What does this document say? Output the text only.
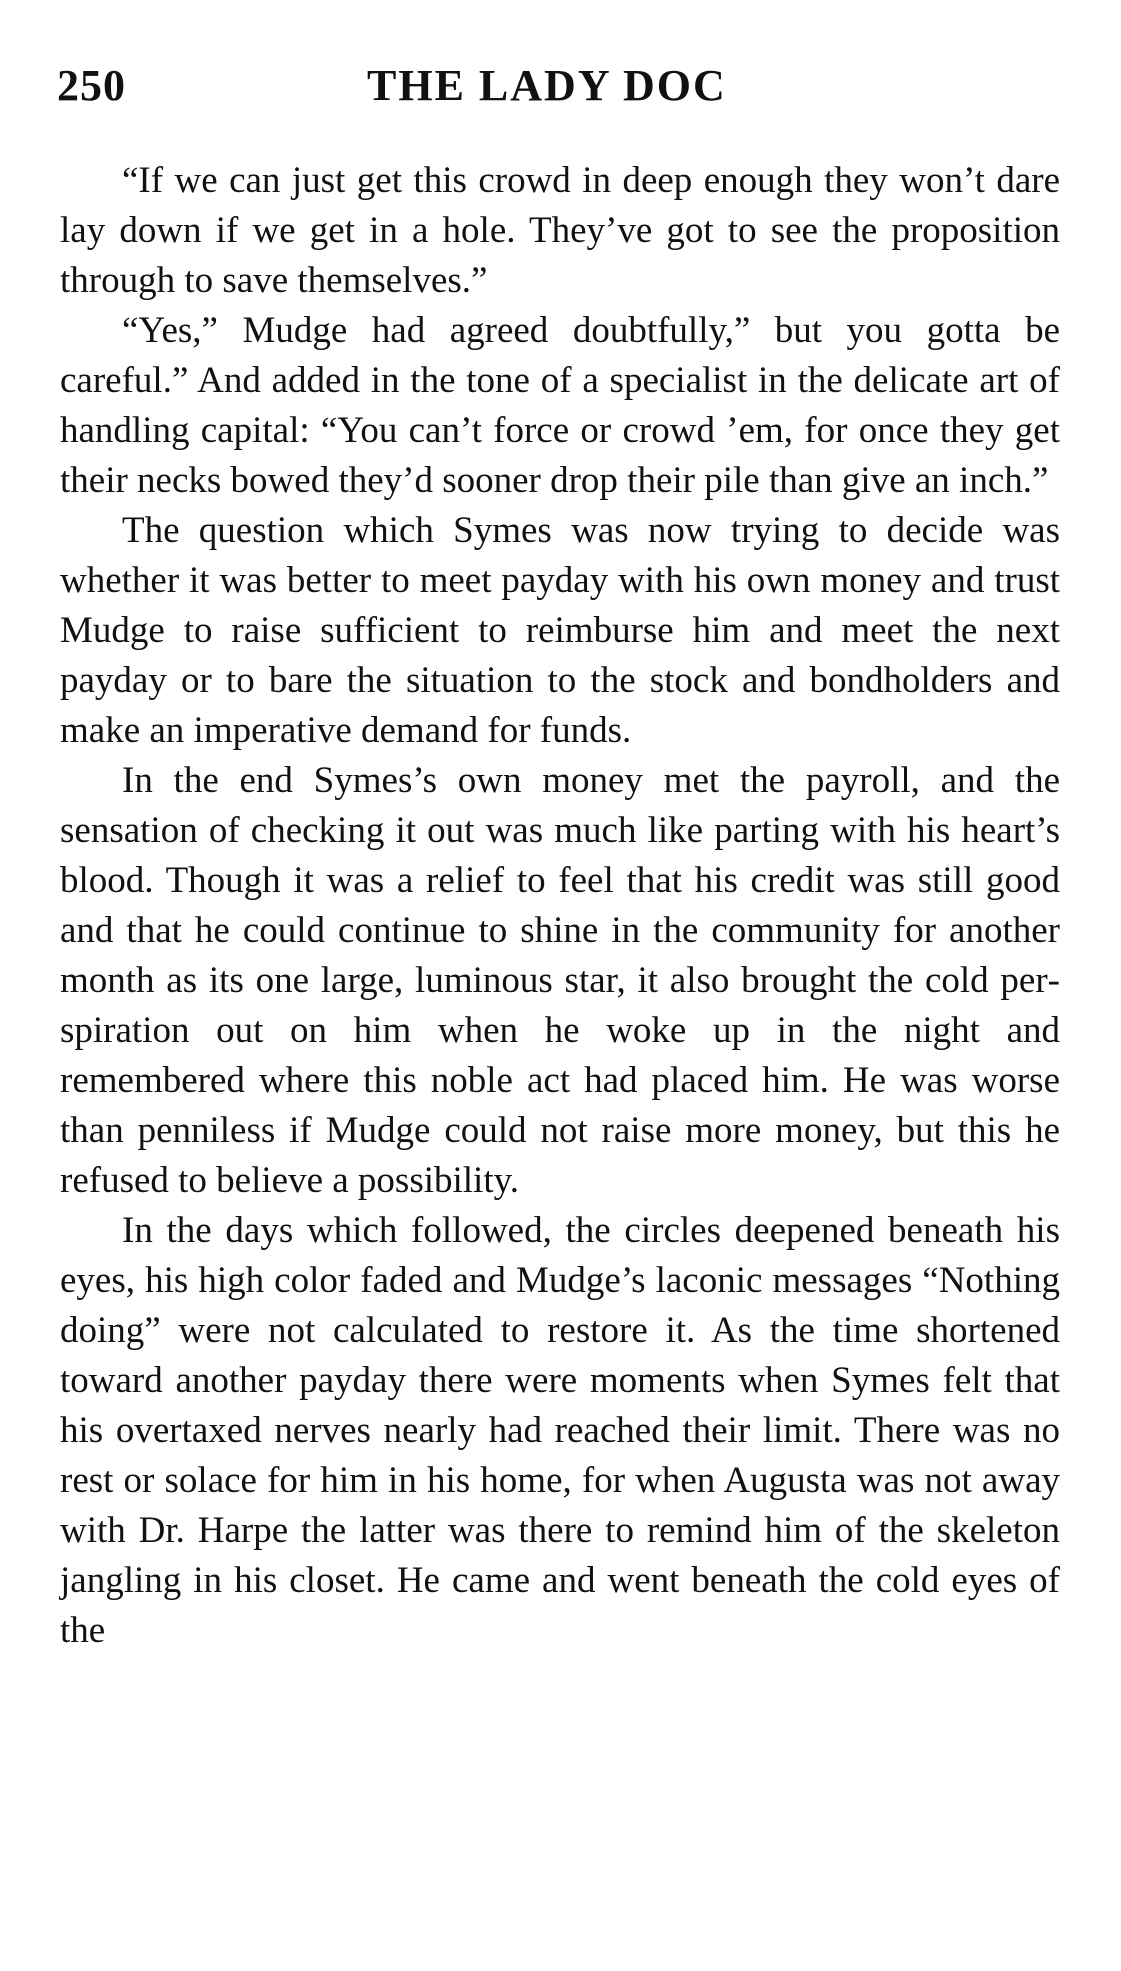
250	THE LADY DOC

“If we can just get this crowd in deep enough they won’t dare lay down if we get in a hole. They’ve got to see the proposition through to save themselves.”

“Yes,” Mudge had agreed doubtfully,” but you gotta be careful.” And added in the tone of a specialist in the delicate art of handling capital: “You can’t force or crowd ’em, for once they get their necks bowed they’d sooner drop their pile than give an inch.”

The question which Symes was now trying to decide was whether it was better to meet payday with his own money and trust Mudge to raise sufficient to reimburse him and meet the next payday or to bare the situation to the stock and bondholders and make an imperative demand for funds.

In the end Symes’s own money met the payroll, and the sensation of checking it out was much like parting with his heart’s blood. Though it was a relief to feel that his credit was still good and that he could continue to shine in the community for another month as its one large, luminous star, it also brought the cold perspiration out on him when he woke up in the night and remembered where this noble act had placed him. He was worse than penniless if Mudge could not raise more money, but this he refused to believe a possibility.

In the days which followed, the circles deepened beneath his eyes, his high color faded and Mudge’s laconic messages “Nothing doing” were not calculated to restore it. As the time shortened toward another payday there were moments when Symes felt that his overtaxed nerves nearly had reached their limit. There was no rest or solace for him in his home, for when Augusta was not away with Dr. Harpe the latter was there to remind him of the skeleton jangling in his closet. He came and went beneath the cold eyes of the
